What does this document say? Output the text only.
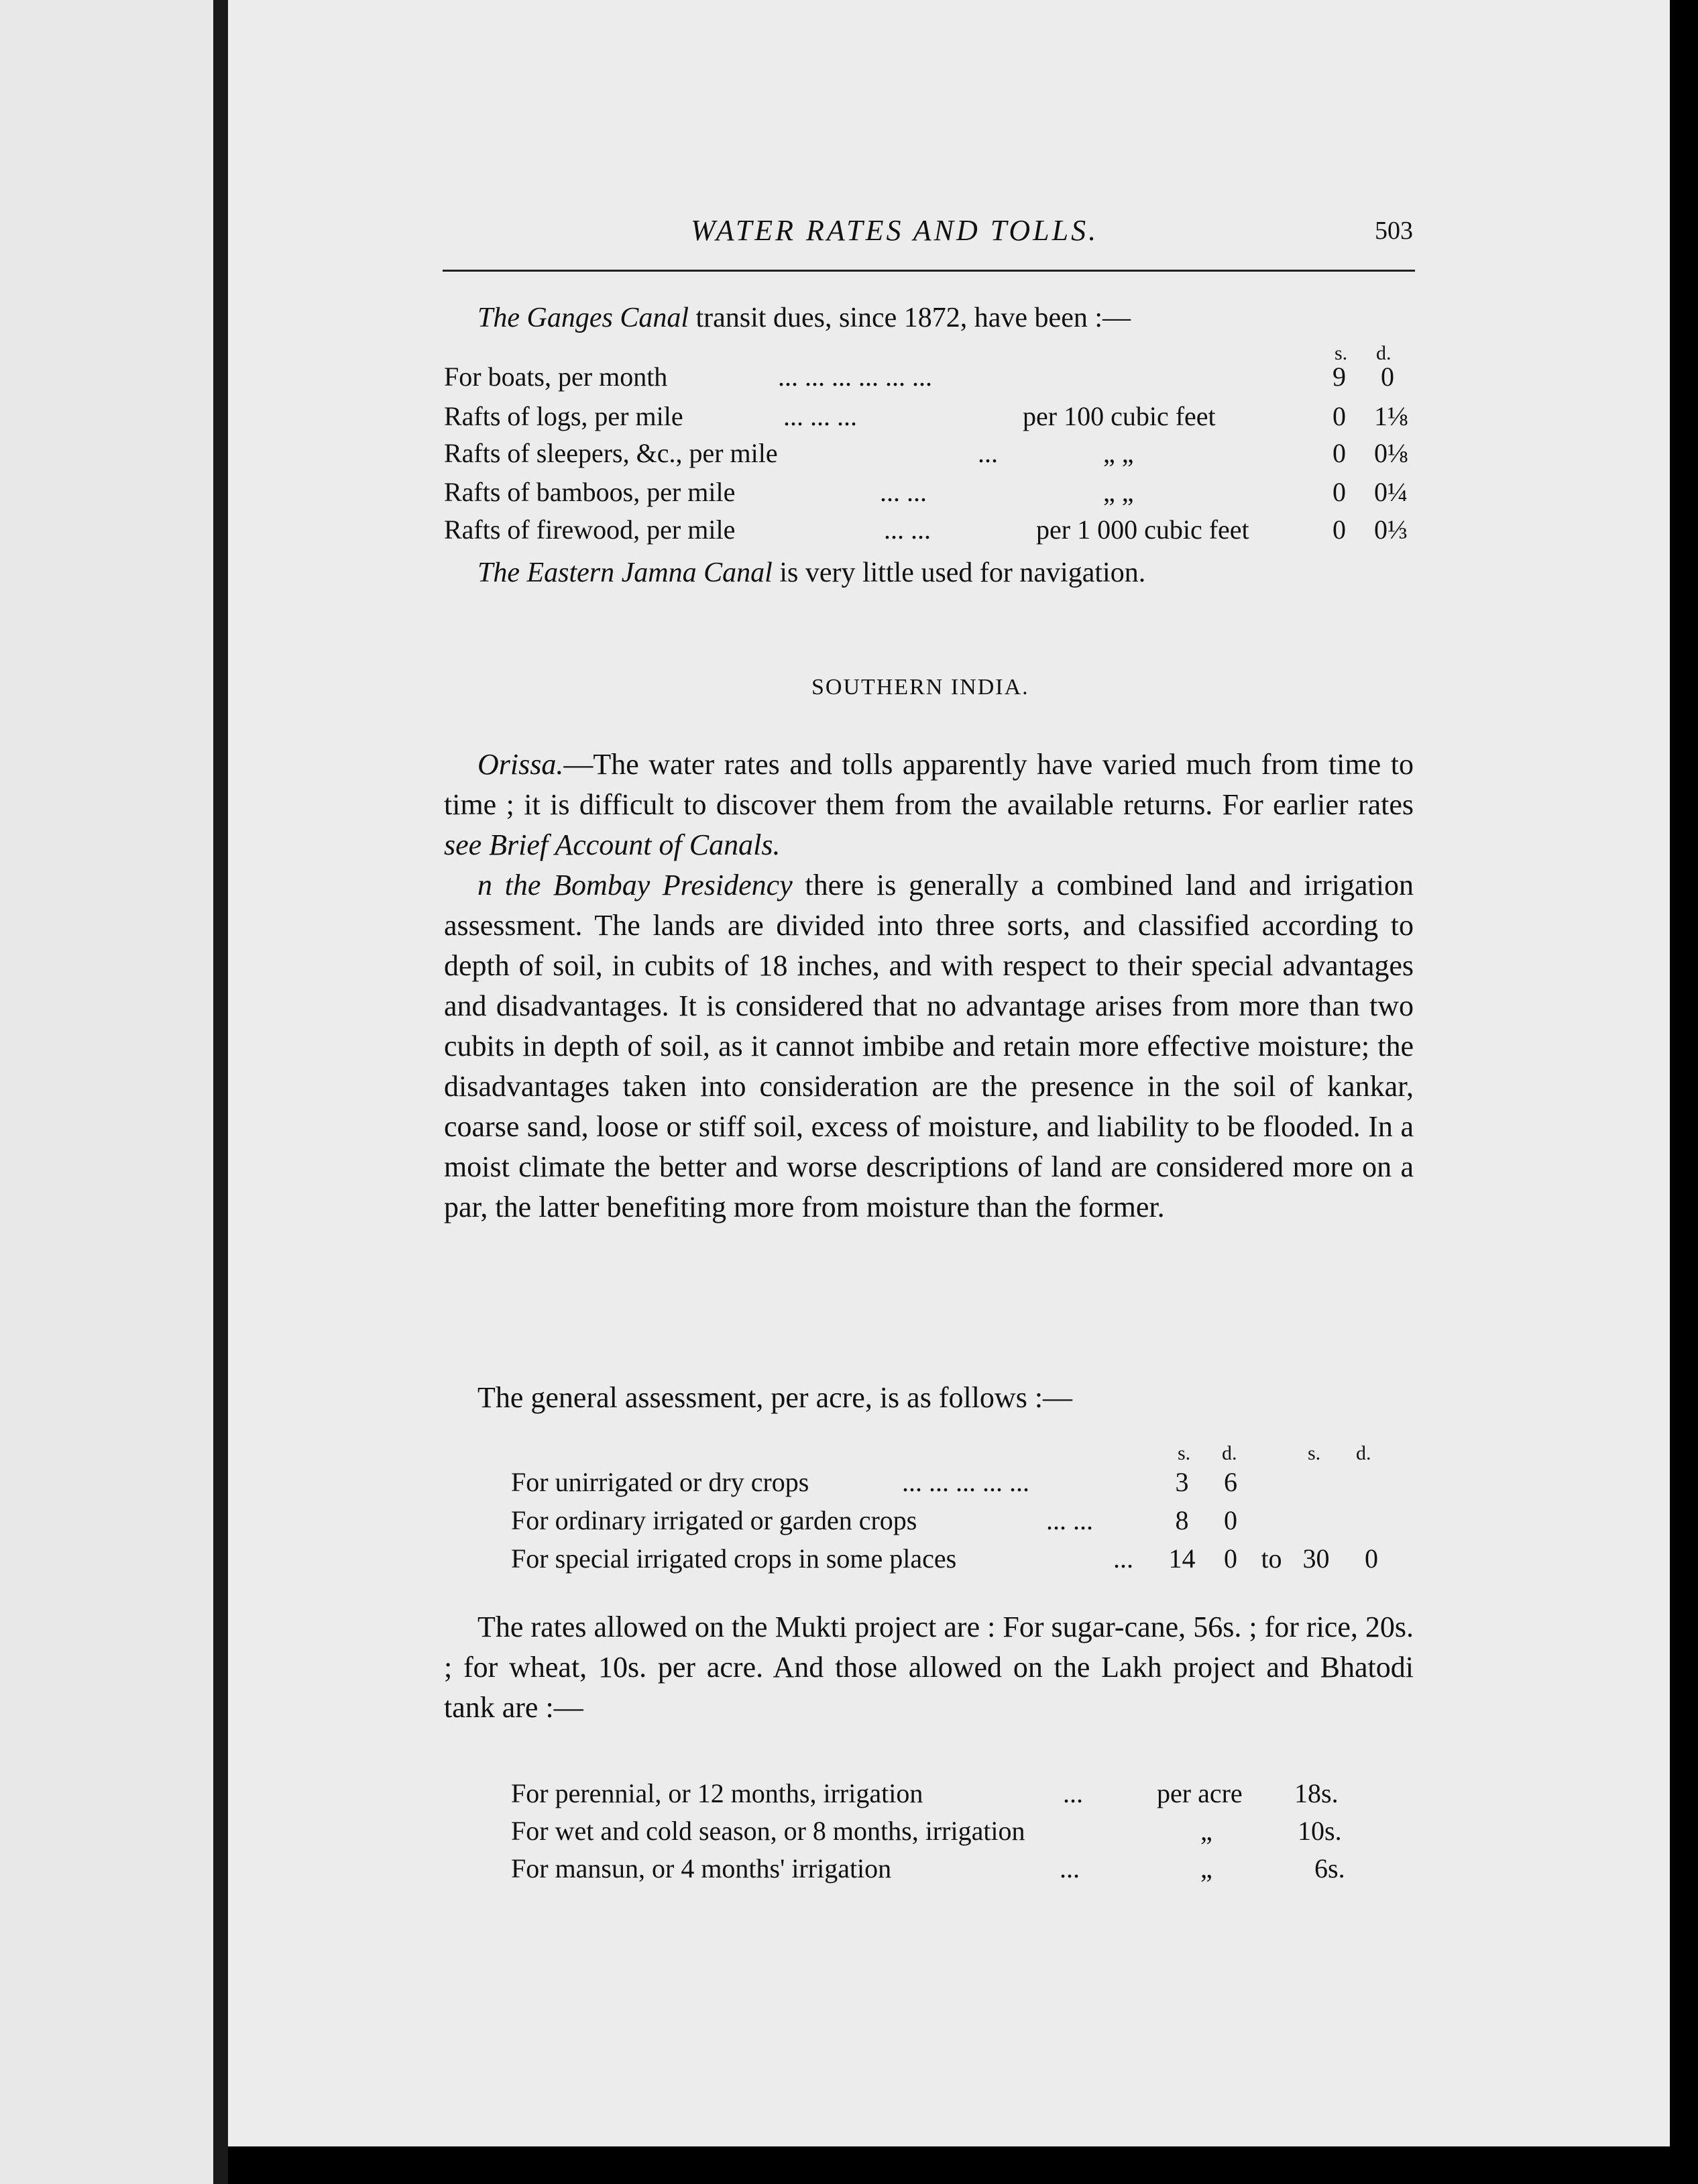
WATER RATES AND TOLLS.	503
The Ganges Canal transit dues, since 1872, have been :—
s. d.
For boats, per month	... ... ... ... ... ...	9	0
Rafts of logs, per mile	... ... ...	per 100 cubic feet	0	1⅛
Rafts of sleepers, &c., per mile	...	„ „	0	0⅛
Rafts of bamboos, per mile	... ...	„ „	0	0¼
Rafts of firewood, per mile	... ...	per 1 000 cubic feet	0	0⅓
The Eastern Jamna Canal is very little used for navigation.
SOUTHERN INDIA.
Orissa.—The water rates and tolls apparently have varied much from time to time ; it is difficult to discover them from the available returns. For earlier rates see Brief Account of Canals.
n the Bombay Presidency there is generally a combined land and irrigation assessment. The lands are divided into three sorts, and classified according to depth of soil, in cubits of 18 inches, and with respect to their special advantages and disadvantages. It is considered that no advantage arises from more than two cubits in depth of soil, as it cannot imbibe and retain more effective moisture; the disadvantages taken into consideration are the presence in the soil of kankar, coarse sand, loose or stiff soil, excess of moisture, and liability to be flooded. In a moist climate the better and worse descriptions of land are considered more on a par, the latter benefiting more from moisture than the former.
The general assessment, per acre, is as follows :—
s. d.	s. d.
For unirrigated or dry crops	... ... ... ... ...	3	6
For ordinary irrigated or garden crops	... ...	8	0
For special irrigated crops in some places	...	14	0 to 30	0
The rates allowed on the Mukti project are : For sugar-cane, 56s. ; for rice, 20s. ; for wheat, 10s. per acre. And those allowed on the Lakh project and Bhatodi tank are :—
For perennial, or 12 months, irrigation	...	per acre 18s.
For wet and cold season, or 8 months, irrigation	„	10s.
For mansun, or 4 months' irrigation	...	„	6s.
